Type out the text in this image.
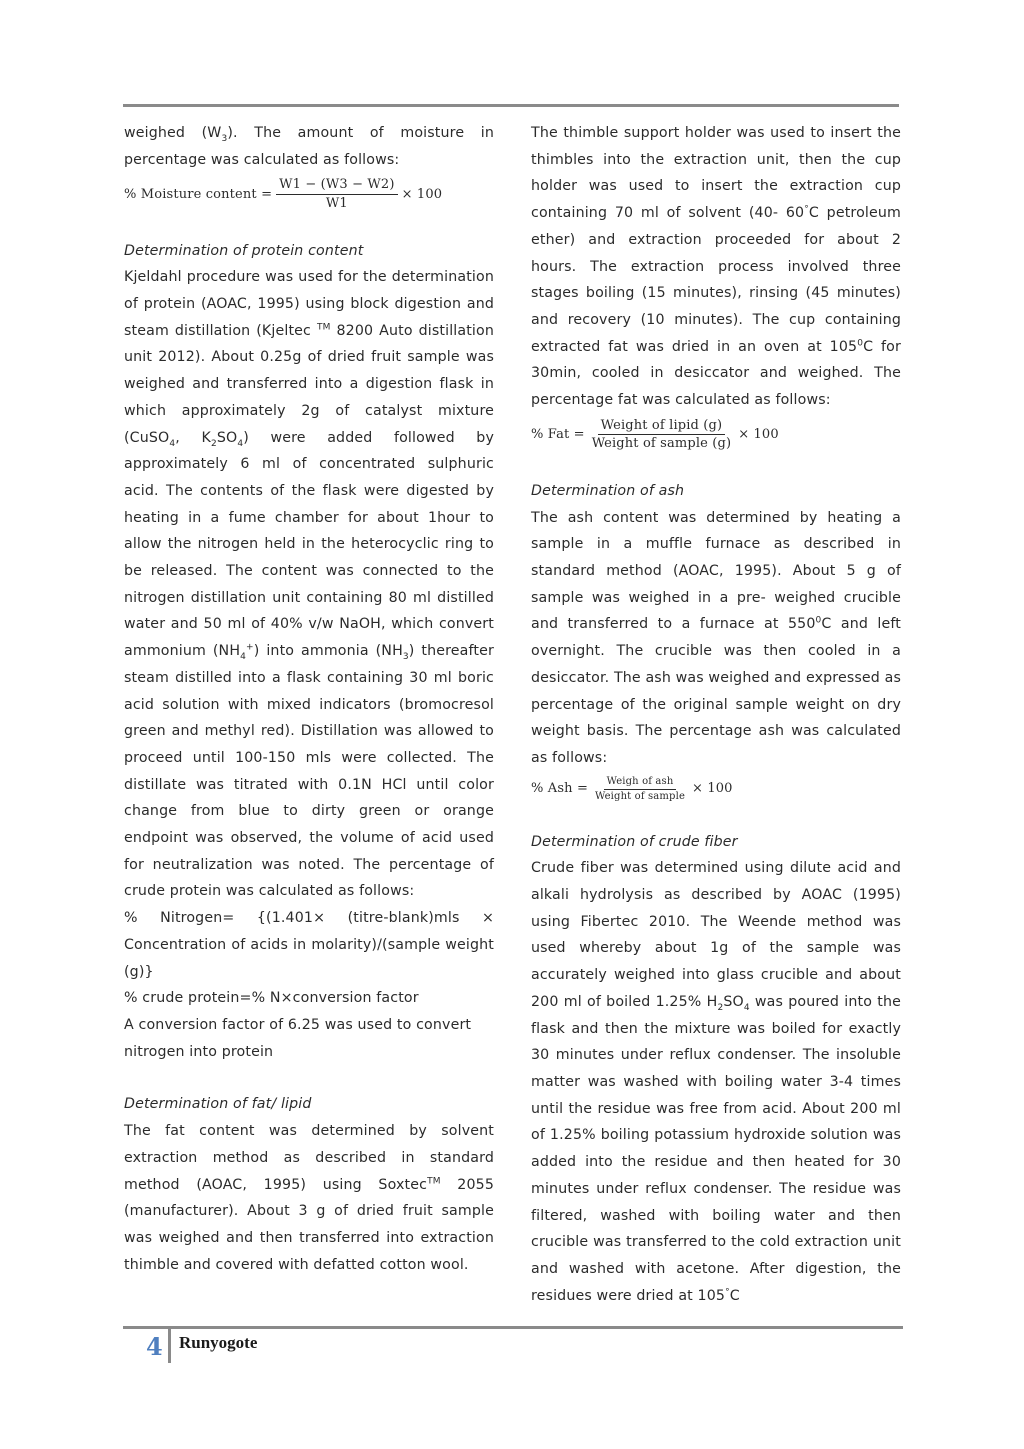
weighed $(W_3)$. The amount of moisture in percentage was calculated as follows:

% Moisture content = $\frac{W1 - (W3 - W2)}{W1} \times 100$

Determination of protein content

Kjeldahl procedure was used for the determination of protein (AOAC, 1995) using block digestion and steam distillation (Kjeltec ™ 8200 Auto distillation unit 2012). About 0.25g of dried fruit sample was weighed and transferred into a digestion flask in which approximately 2g of catalyst mixture (CuSO$_4$, $K_2SO_4$) were added followed by approximately 6 ml of concentrated sulphuric acid. The contents of the flask were digested by heating in a fume chamber for about 1hour to allow the nitrogen held in the heterocyclic ring to be released. The content was connected to the nitrogen distillation unit containing 80 ml distilled water and 50 ml of 40% v/w NaOH, which convert ammonium $(NH_4^+)$ into ammonia $(NH_3)$ thereafter steam distilled into a flask containing 30 ml boric acid solution with mixed indicators (bromocresol green and methyl red). Distillation was allowed to proceed until 100-150 mls were collected. The distillate was titrated with 0.1N HCl until color change from blue to dirty green or orange endpoint was observed, the volume of acid used for neutralization was noted. The percentage of crude protein was calculated as follows:

% Nitrogen= {(1.401× (titre-blank)mls × Concentration of acids in molarity)/(sample weight (g)}

% crude protein=% N×conversion factor

A conversion factor of 6.25 was used to convert nitrogen into protein

Determination of fat/ lipid

The fat content was determined by solvent extraction method as described in standard method (AOAC, 1995) using Soxtec™ 2055 (manufacturer). About 3 g of dried fruit sample was weighed and then transferred into extraction thimble and covered with defatted cotton wool.

The thimble support holder was used to insert the thimbles into the extraction unit, then the cup holder was used to insert the extraction cup containing 70 ml of solvent (40- 60°C petroleum ether) and extraction proceeded for about 2 hours. The extraction process involved three stages boiling (15 minutes), rinsing (45 minutes) and recovery (10 minutes). The cup containing extracted fat was dried in an oven at $105^0C$ for 30min, cooled in desiccator and weighed. The percentage fat was calculated as follows:

% Fat = $\frac{\text{Weight of lipid (g)}}{\text{Weight of sample (g)}} \times 100$

Determination of ash

The ash content was determined by heating a sample in a muffle furnace as described in standard method (AOAC, 1995). About 5 g of sample was weighed in a pre- weighed crucible and transferred to a furnace at $550^0C$ and left overnight. The crucible was then cooled in a desiccator. The ash was weighed and expressed as percentage of the original sample weight on dry weight basis. The percentage ash was calculated as follows:

% Ash = $\frac{\text{Weigh of ash}}{\text{Weight of sample}} \times 100$

Determination of crude fiber

Crude fiber was determined using dilute acid and alkali hydrolysis as described by AOAC (1995) using Fibertec 2010. The Weende method was used whereby about 1g of the sample was accurately weighed into glass crucible and about 200 ml of boiled 1.25% $H_2SO_4$ was poured into the flask and then the mixture was boiled for exactly 30 minutes under reflux condenser. The insoluble matter was washed with boiling water 3-4 times until the residue was free from acid. About 200 ml of 1.25% boiling potassium hydroxide solution was added into the residue and then heated for 30 minutes under reflux condenser. The residue was filtered, washed with boiling water and then crucible was transferred to the cold extraction unit and washed with acetone. After digestion, the residues were dried at 105°C

4 Runyogote
